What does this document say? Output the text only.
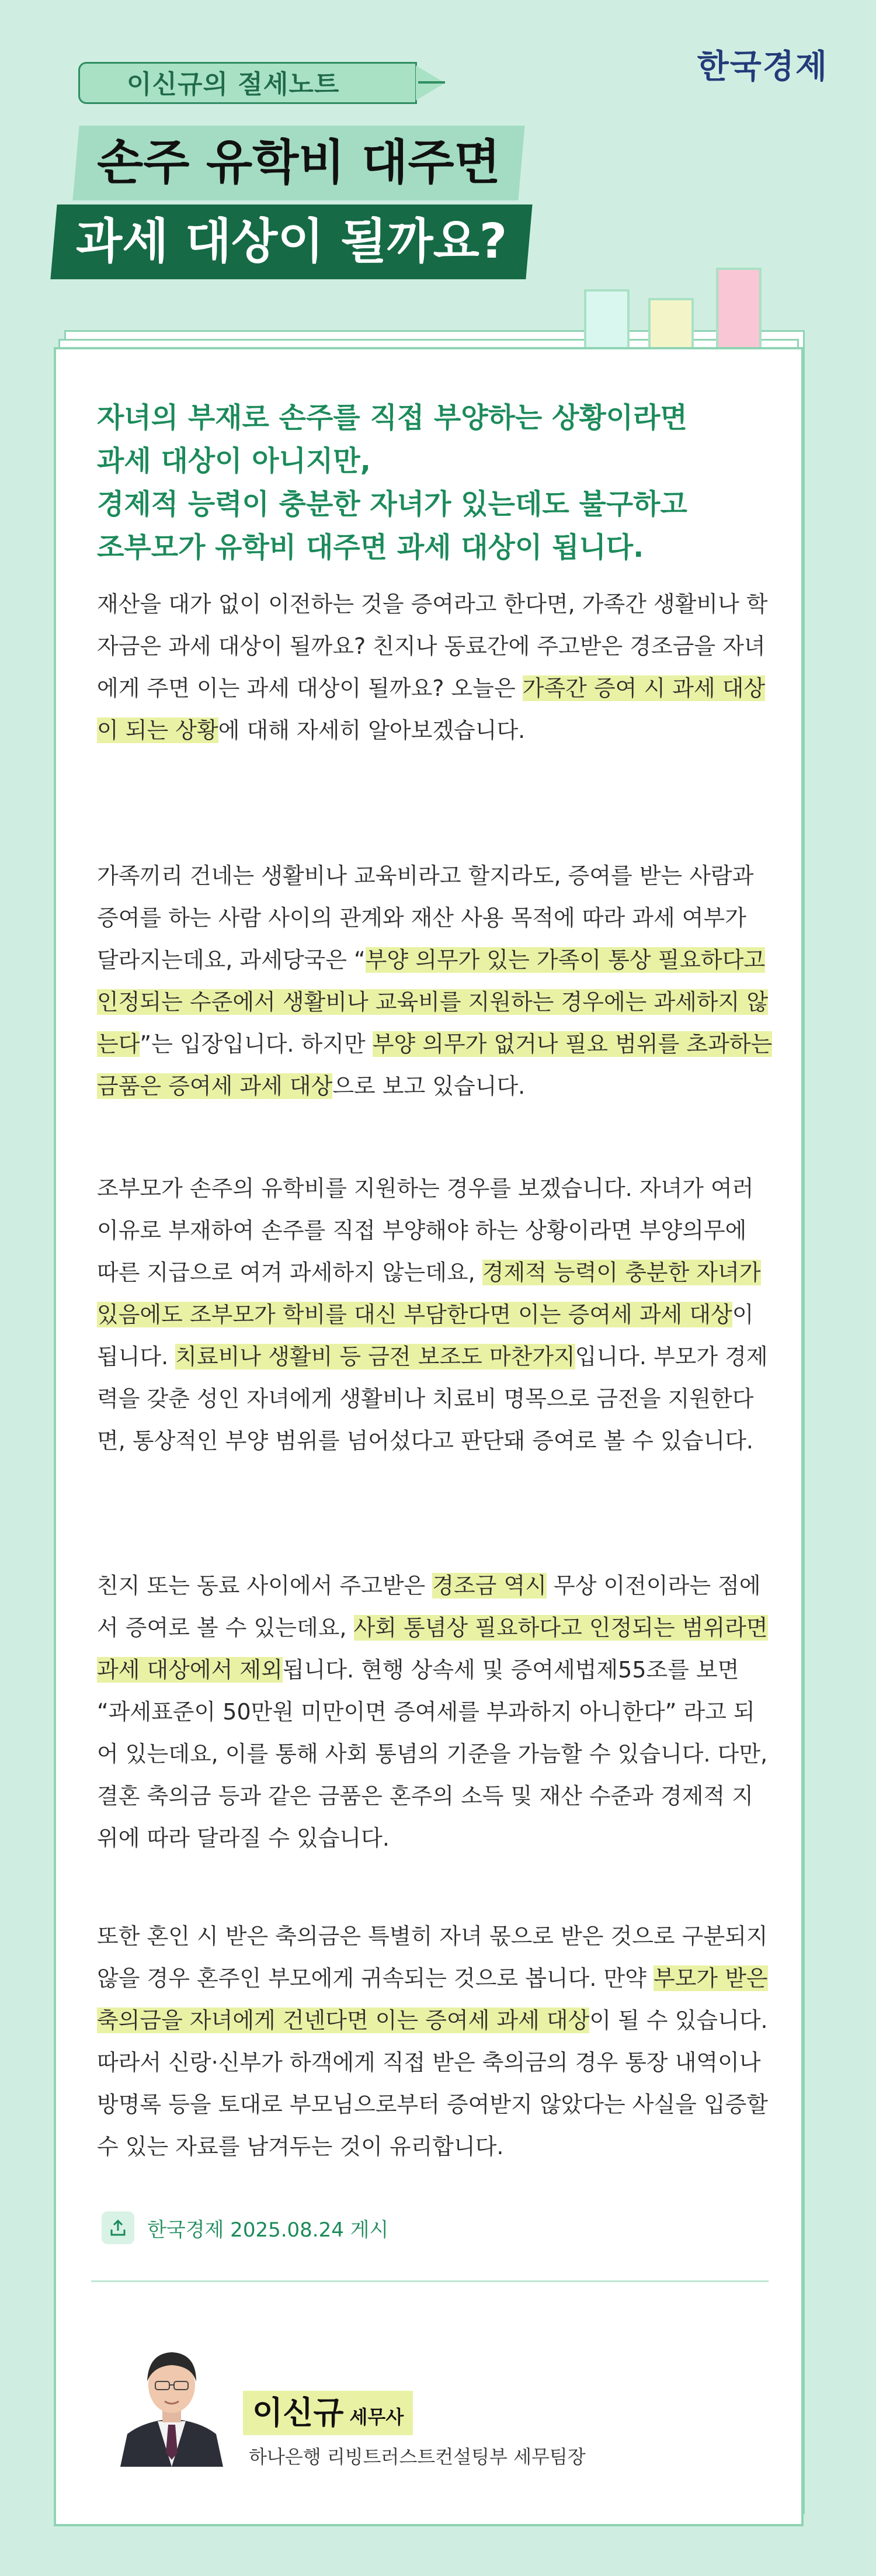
이신규의 절세노트	한국경제
손주 유학비 대주면
과세 대상이 될까요?
자녀의 부재로 손주를 직접 부양하는 상황이라면
과세 대상이 아니지만,
경제적 능력이 충분한 자녀가 있는데도 불구하고
조부모가 유학비 대주면 과세 대상이 됩니다.

재산을 대가 없이 이전하는 것을 증여라고 한다면, 가족간 생활비나 학자금은 과세 대상이 될까요? 친지나 동료간에 주고받은 경조금을 자녀에게 주면 이는 과세 대상이 될까요? 오늘은 가족간 증여 시 과세 대상이 되는 상황에 대해 자세히 알아보겠습니다.

가족끼리 건네는 생활비나 교육비라고 할지라도, 증여를 받는 사람과 증여를 하는 사람 사이의 관계와 재산 사용 목적에 따라 과세 여부가 달라지는데요, 과세당국은 “부양 의무가 있는 가족이 통상 필요하다고 인정되는 수준에서 생활비나 교육비를 지원하는 경우에는 과세하지 않는다”는 입장입니다. 하지만 부양 의무가 없거나 필요 범위를 초과하는 금품은 증여세 과세 대상으로 보고 있습니다.

조부모가 손주의 유학비를 지원하는 경우를 보겠습니다. 자녀가 여러 이유로 부재하여 손주를 직접 부양해야 하는 상황이라면 부양의무에 따른 지급으로 여겨 과세하지 않는데요, 경제적 능력이 충분한 자녀가 있음에도 조부모가 학비를 대신 부담한다면 이는 증여세 과세 대상이 됩니다. 치료비나 생활비 등 금전 보조도 마찬가지입니다. 부모가 경제력을 갖춘 성인 자녀에게 생활비나 치료비 명목으로 금전을 지원한다면, 통상적인 부양 범위를 넘어섰다고 판단돼 증여로 볼 수 있습니다.

친지 또는 동료 사이에서 주고받은 경조금 역시 무상 이전이라는 점에서 증여로 볼 수 있는데요, 사회 통념상 필요하다고 인정되는 범위라면 과세 대상에서 제외됩니다. 현행 상속세 및 증여세법제55조를 보면 “과세표준이 50만원 미만이면 증여세를 부과하지 아니한다” 라고 되어 있는데요, 이를 통해 사회 통념의 기준을 가늠할 수 있습니다. 다만, 결혼 축의금 등과 같은 금품은 혼주의 소득 및 재산 수준과 경제적 지위에 따라 달라질 수 있습니다.

또한 혼인 시 받은 축의금은 특별히 자녀 몫으로 받은 것으로 구분되지 않을 경우 혼주인 부모에게 귀속되는 것으로 봅니다. 만약 부모가 받은 축의금을 자녀에게 건넨다면 이는 증여세 과세 대상이 될 수 있습니다. 따라서 신랑·신부가 하객에게 직접 받은 축의금의 경우 통장 내역이나 방명록 등을 토대로 부모님으로부터 증여받지 않았다는 사실을 입증할 수 있는 자료를 남겨두는 것이 유리합니다.

한국경제 2025.08.24 게시
이신규 세무사
하나은행 리빙트러스트컨설팅부 세무팀장
